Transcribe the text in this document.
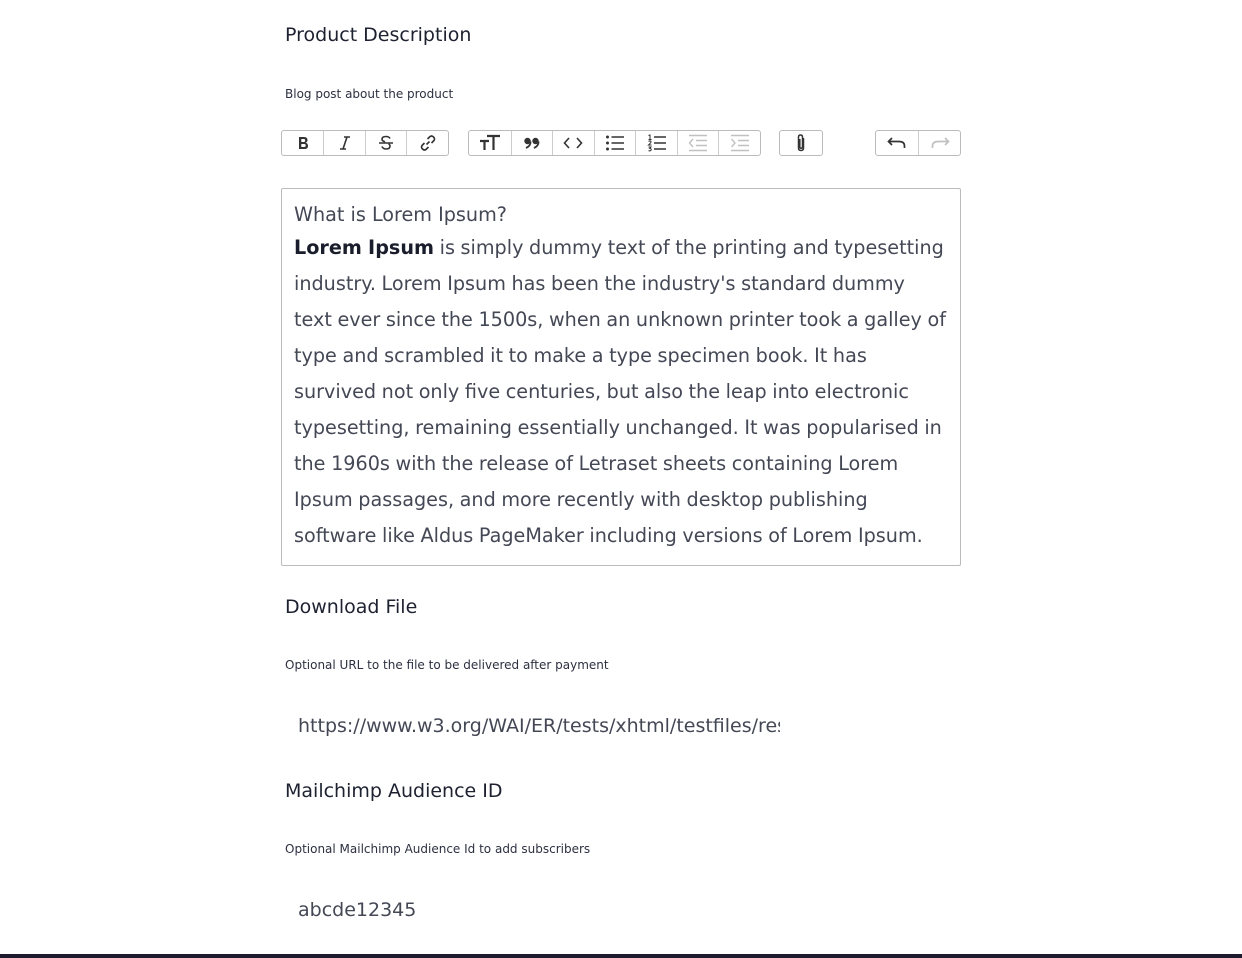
Product Description

Blog post about the product

What is Lorem Ipsum?

Lorem Ipsum is simply dummy text of the printing and typesetting industry. Lorem Ipsum has been the industry's standard dummy text ever since the 1500s, when an unknown printer took a galley of type and scrambled it to make a type specimen book. It has survived not only five centuries, but also the leap into electronic typesetting, remaining essentially unchanged. It was popularised in the 1960s with the release of Letraset sheets containing Lorem Ipsum passages, and more recently with desktop publishing software like Aldus PageMaker including versions of Lorem Ipsum.

Download File

Optional URL to the file to be delivered after payment

https://www.w3.org/WAI/ER/tests/xhtml/testfiles/resources/pdf/dummy.pdf
Mailchimp Audience ID

Optional Mailchimp Audience Id to add subscribers

abcde12345
